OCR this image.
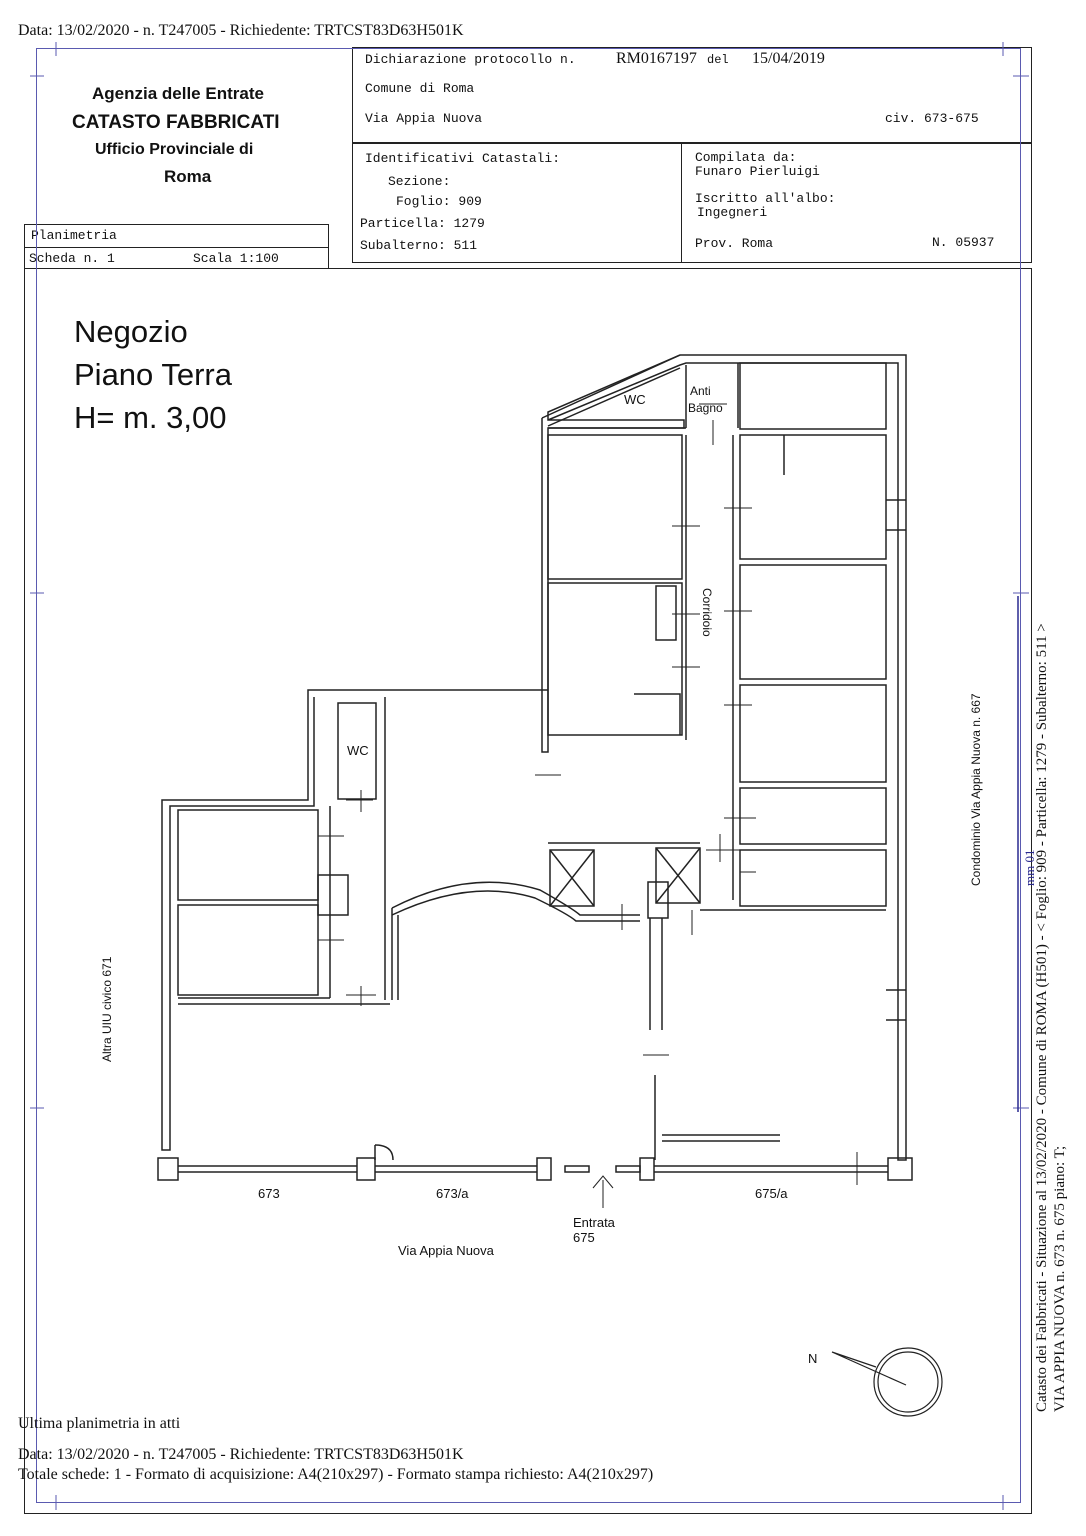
Data: 13/02/2020 - n. T247005 - Richiedente: TRTCST83D63H501K
Agenzia delle Entrate
CATASTO FABBRICATI
Ufficio Provinciale di
Roma
Dichiarazione protocollo n.	RM0167197 del 15/04/2019
Comune di Roma
Via Appia Nuova	civ. 673-675
Identificativi Catastali:
Sezione:
Foglio: 909
Particella: 1279
Subalterno: 511
Compilata da:
Funaro Pierluigi
Iscritto all'albo:
Ingegneri
Prov. Roma	N. 05937
Planimetria
Scheda n. 1	Scala 1:100
Negozio
Piano Terra
H= m. 3,00
WC
Anti
Bagno
Corridoio
WC
Altra UIU civico 671
Condominio Via Appia Nuova n. 667
673	673/a	675/a
Entrata
675
Via Appia Nuova
N	Catasto dei Fabbricati - Situazione al 13/02/2020 - Comune di ROMA (H501) - < Foglio: 909 - Particella: 1279 - Subalterno: 511 > VIA APPIA NUOVA n. 673 n. 675 piano: T;
mm 01
Ultima planimetria in atti
Data: 13/02/2020 - n. T247005 - Richiedente: TRTCST83D63H501K
Totale schede: 1 - Formato di acquisizione: A4(210x297) - Formato stampa richiesto: A4(210x297)
